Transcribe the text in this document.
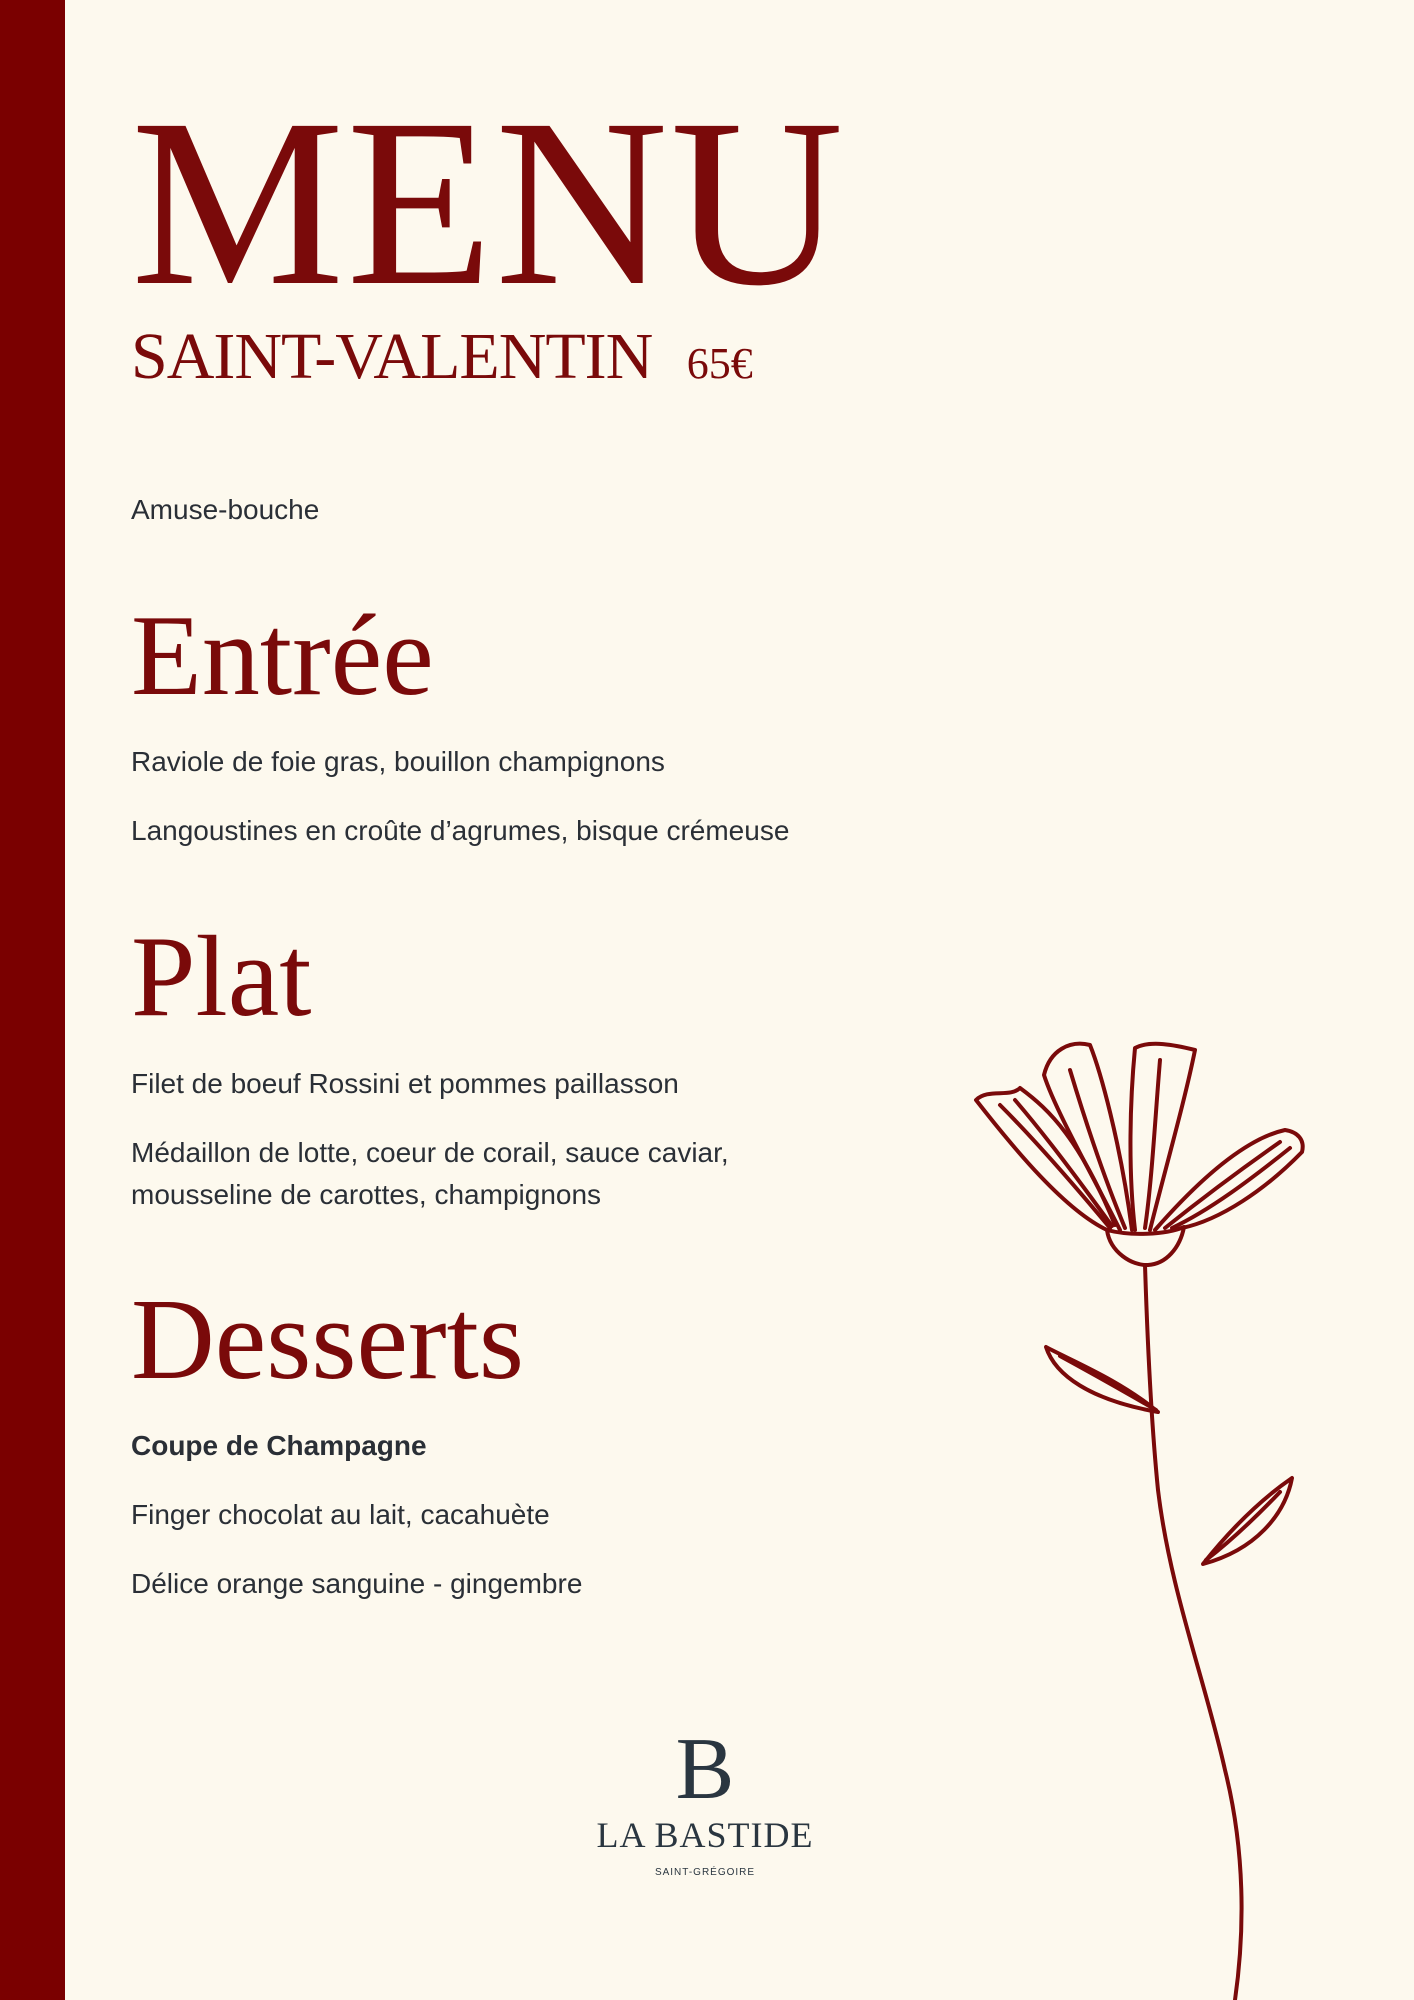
MENU
SAINT-VALENTIN 65€
Amuse-bouche
Entrée
Raviole de foie gras, bouillon champignons
Langoustines en croûte d’agrumes, bisque crémeuse
Plat
Filet de boeuf Rossini et pommes paillasson
Médaillon de lotte, coeur de corail, sauce caviar,
mousseline de carottes, champignons
Desserts
Coupe de Champagne
Finger chocolat au lait, cacahuète
Délice orange sanguine - gingembre
B
LA BASTIDE
SAINT-GRÉGOIRE
